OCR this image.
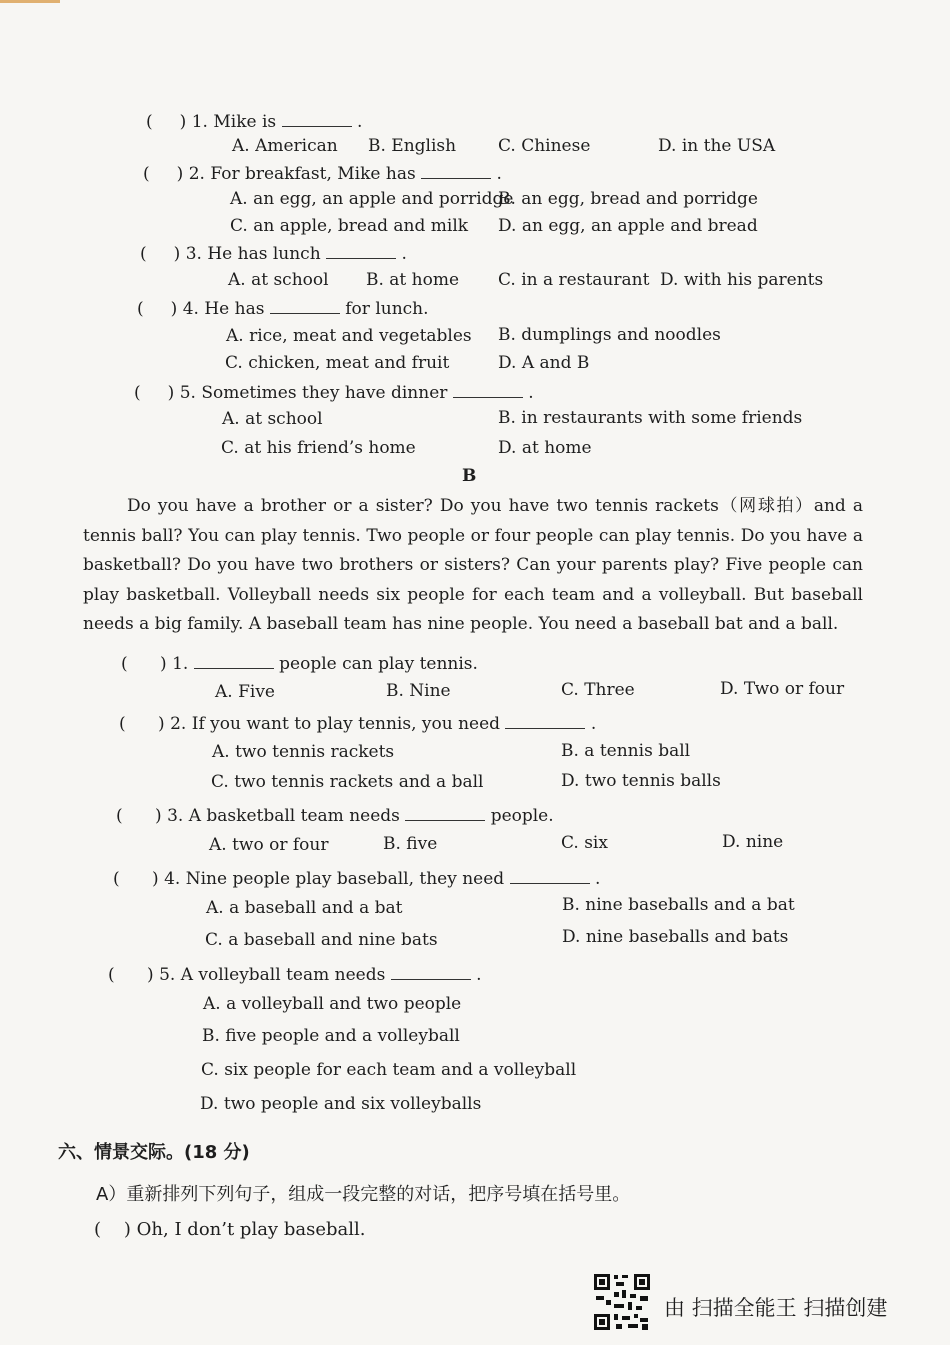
(     ) 1. Mike is	.
A. American B. English C. Chinese	D. in the USA
(     ) 2. For breakfast, Mike has	.
A. an egg, an apple and porridge
B. an egg, bread and porridge
C. an apple, bread and milk D. an egg, an apple and bread
(     ) 3. He has lunch	.
A. at school B. at home C. in a restaurant D. with his parents
(     ) 4. He has	for lunch.
A. rice, meat and vegetables B. dumplings and noodles
C. chicken, meat and fruit	D. A and B
(     ) 5. Sometimes they have dinner	.
A. at school	B. in restaurants with some friends
C. at his friend’s home	D. at home
B
Do you have a brother or a sister? Do you have two tennis rackets（网球拍）and a tennis ball? You can play tennis. Two people or four people can play tennis. Do you have a basketball? Do you have two brothers or sisters? Can your parents play? Five people can play basketball. Volleyball needs six people for each team and a volleyball. But baseball needs a big family. A baseball team has nine people. You need a baseball bat and a ball.
(      ) 1.	people can play tennis.
A. Five	B. Nine	C. Three	D. Two or four
(      ) 2. If you want to play tennis, you need	.
A. two tennis rackets	B. a tennis ball
C. two tennis rackets and a ball	D. two tennis balls
(      ) 3. A basketball team needs	people.
A. two or four	B. five	C. six	D. nine
(      ) 4. Nine people play baseball, they need	.
A. a baseball and a bat	B. nine baseballs and a bat
C. a baseball and nine bats	D. nine baseballs and bats
(      ) 5. A volleyball team needs	.
A. a volleyball and two people
B. five people and a volleyball
C. six people for each team and a volleyball
D. two people and six volleyballs
六、情景交际。(18 分)
A）重新排列下列句子，组成一段完整的对话，把序号填在括号里。
(    ) Oh, I don’t play baseball.
由 扫描全能王 扫描创建
